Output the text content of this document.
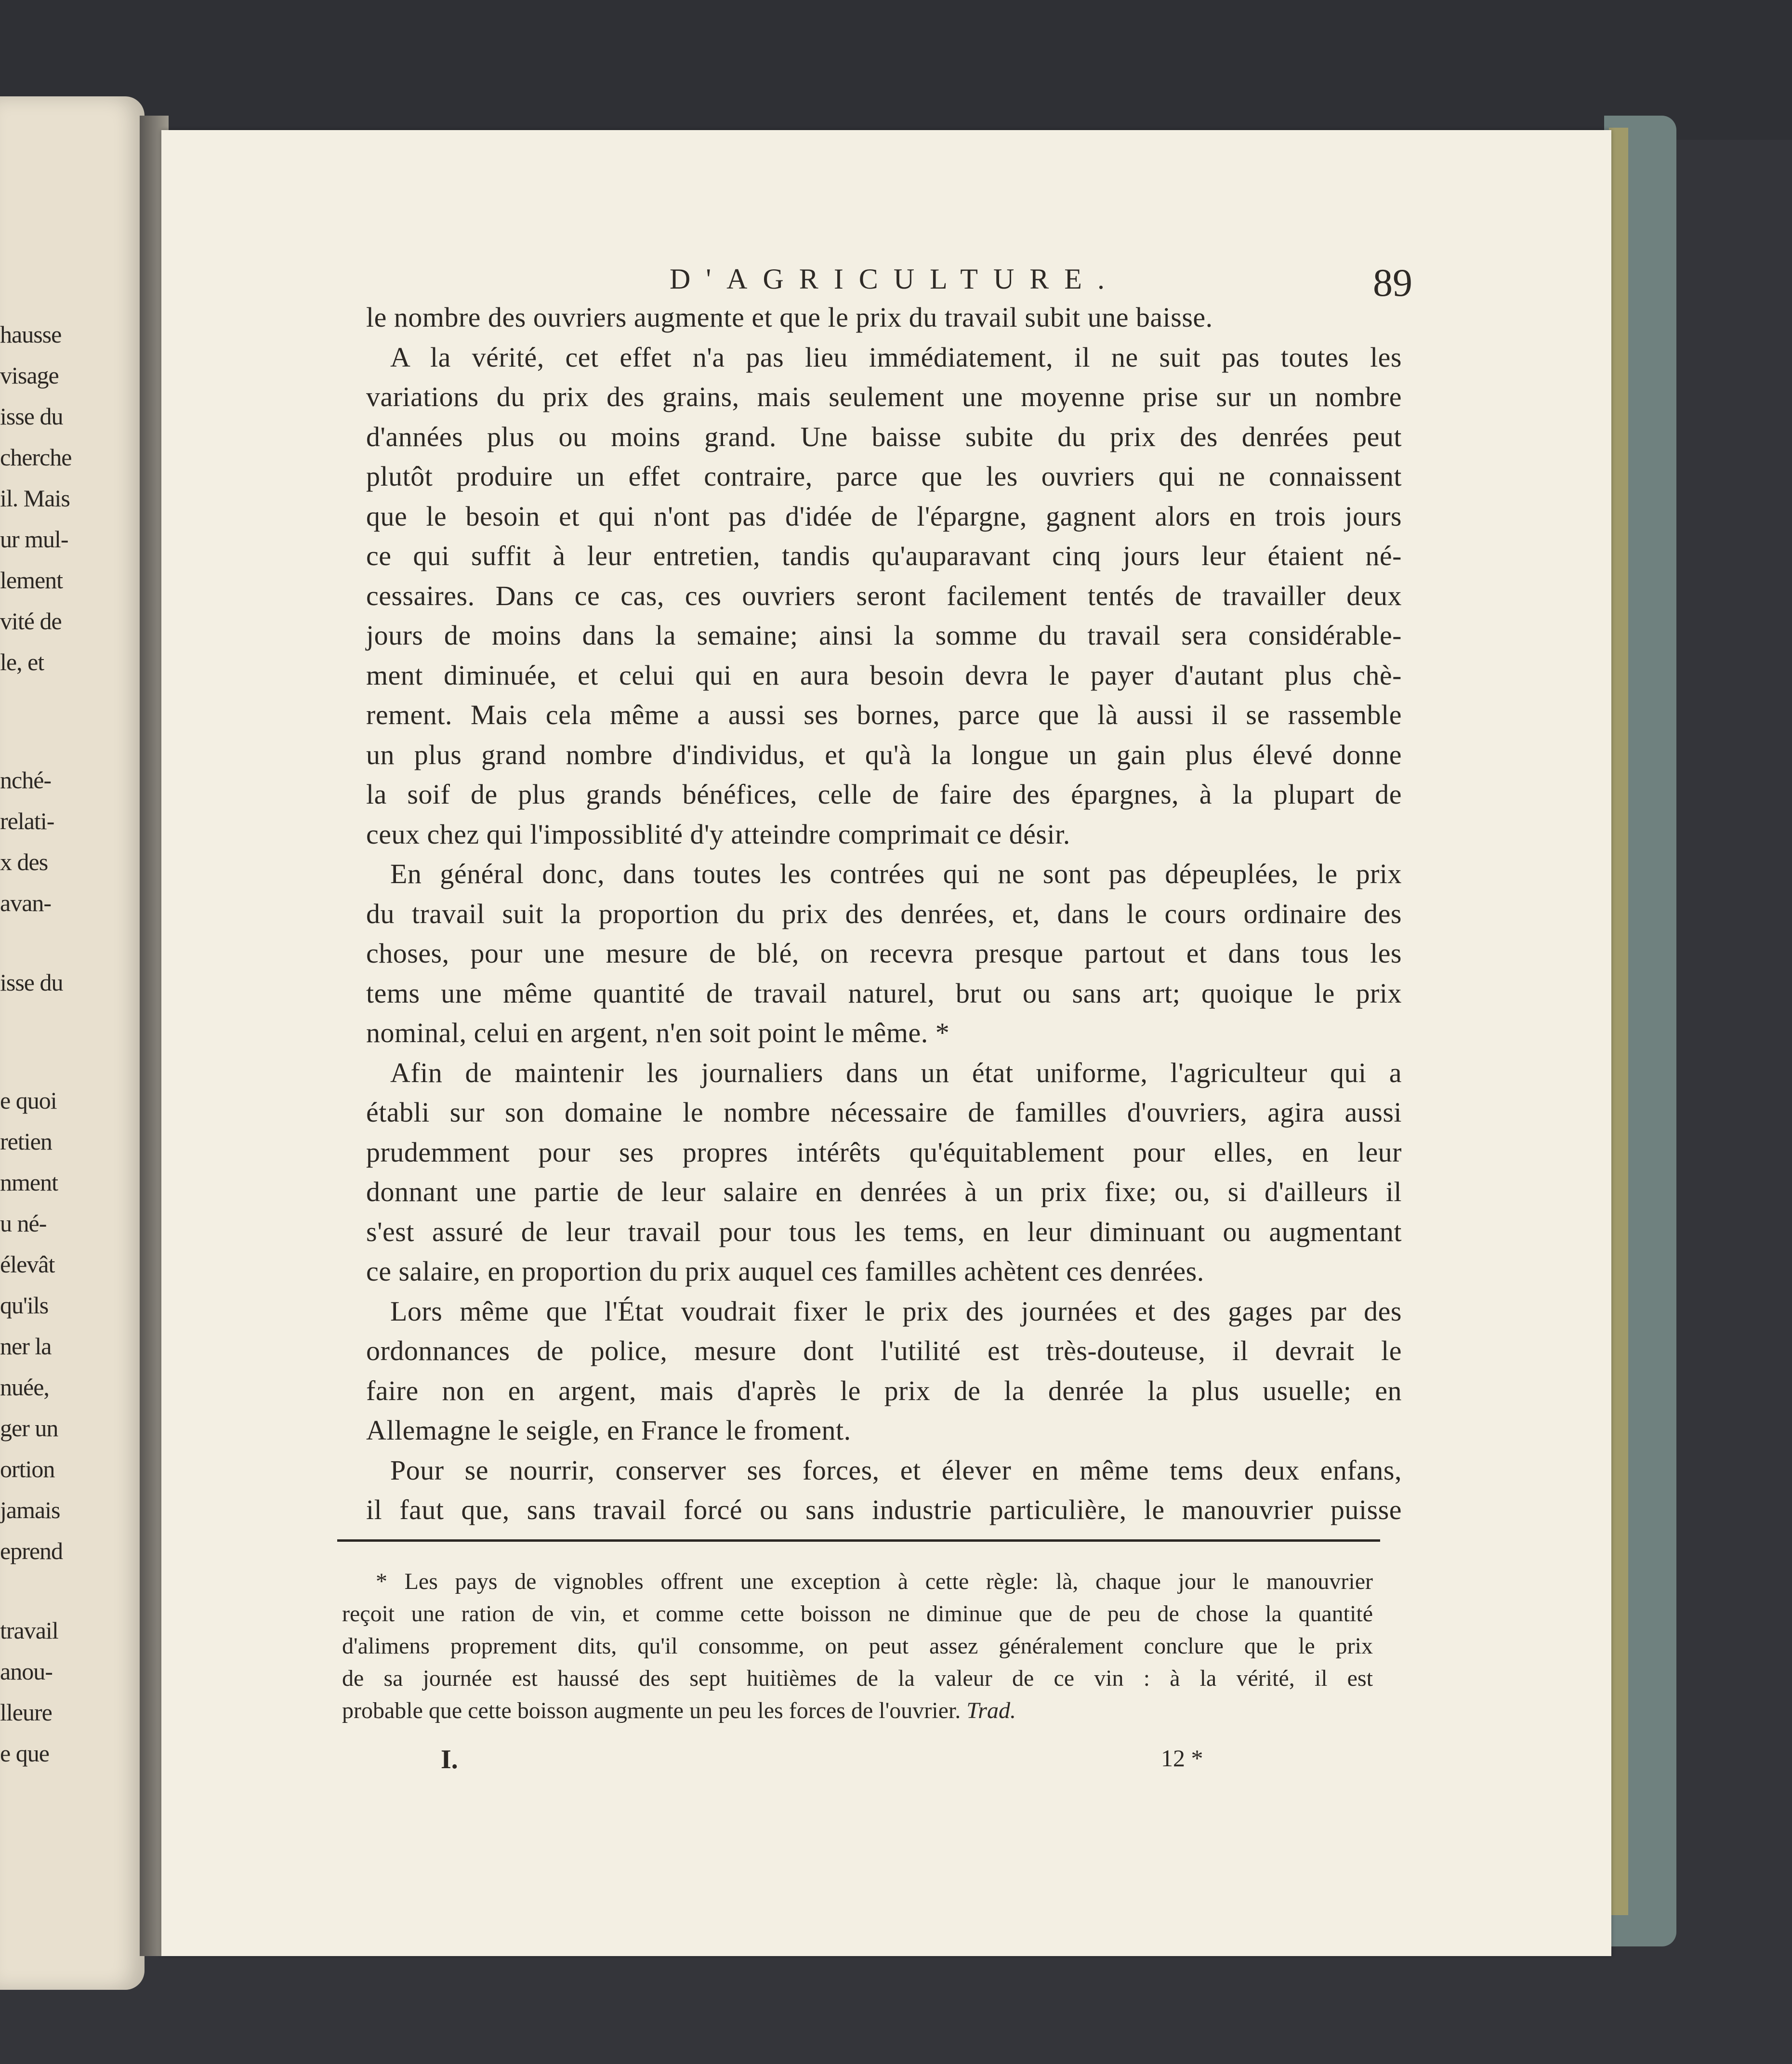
hausse
visage
isse du
cherche
il. Mais
ur mul-
lement
vité de
le, et
nché-
relati-
x des
avan-
isse du
e quoi
retien
nment
u né-
élevât
qu'ils
ner la
nuée,
ger un
ortion
jamais
eprend
travail
anou-
lleure
e que
D'AGRICULTURE.	89
le nombre des ouvriers augmente et que le prix du travail subit une baisse.
A la vérité, cet effet n'a pas lieu immédiatement, il ne suit pas toutes les
variations du prix des grains, mais seulement une moyenne prise sur un nombre
d'années plus ou moins grand. Une baisse subite du prix des denrées peut
plutôt produire un effet contraire, parce que les ouvriers qui ne connaissent
que le besoin et qui n'ont pas d'idée de l'épargne, gagnent alors en trois jours
ce qui suffit à leur entretien, tandis qu'auparavant cinq jours leur étaient né-
cessaires. Dans ce cas, ces ouvriers seront facilement tentés de travailler deux
jours de moins dans la semaine; ainsi la somme du travail sera considérable-
ment diminuée, et celui qui en aura besoin devra le payer d'autant plus chè-
rement. Mais cela même a aussi ses bornes, parce que là aussi il se rassemble
un plus grand nombre d'individus, et qu'à la longue un gain plus élevé donne
la soif de plus grands bénéfices, celle de faire des épargnes, à la plupart de
ceux chez qui l'impossiblité d'y atteindre comprimait ce désir.
En général donc, dans toutes les contrées qui ne sont pas dépeuplées, le prix
du travail suit la proportion du prix des denrées, et, dans le cours ordinaire des
choses, pour une mesure de blé, on recevra presque partout et dans tous les
tems une même quantité de travail naturel, brut ou sans art; quoique le prix
nominal, celui en argent, n'en soit point le même. *
Afin de maintenir les journaliers dans un état uniforme, l'agriculteur qui a
établi sur son domaine le nombre nécessaire de familles d'ouvriers, agira aussi
prudemment pour ses propres intérêts qu'équitablement pour elles, en leur
donnant une partie de leur salaire en denrées à un prix fixe; ou, si d'ailleurs il
s'est assuré de leur travail pour tous les tems, en leur diminuant ou augmentant
ce salaire, en proportion du prix auquel ces familles achètent ces denrées.
Lors même que l'État voudrait fixer le prix des journées et des gages par des
ordonnances de police, mesure dont l'utilité est très-douteuse, il devrait le
faire non en argent, mais d'après le prix de la denrée la plus usuelle; en
Allemagne le seigle, en France le froment.
Pour se nourrir, conserver ses forces, et élever en même tems deux enfans,
il faut que, sans travail forcé ou sans industrie particulière, le manouvrier puisse
* Les pays de vignobles offrent une exception à cette règle: là, chaque jour le manouvrier
reçoit une ration de vin, et comme cette boisson ne diminue que de peu de chose la quantité
d'alimens proprement dits, qu'il consomme, on peut assez généralement conclure que le prix
de sa journée est haussé des sept huitièmes de la valeur de ce vin : à la vérité, il est
probable que cette boisson augmente un peu les forces de l'ouvrier. Trad.
I.	12 *
